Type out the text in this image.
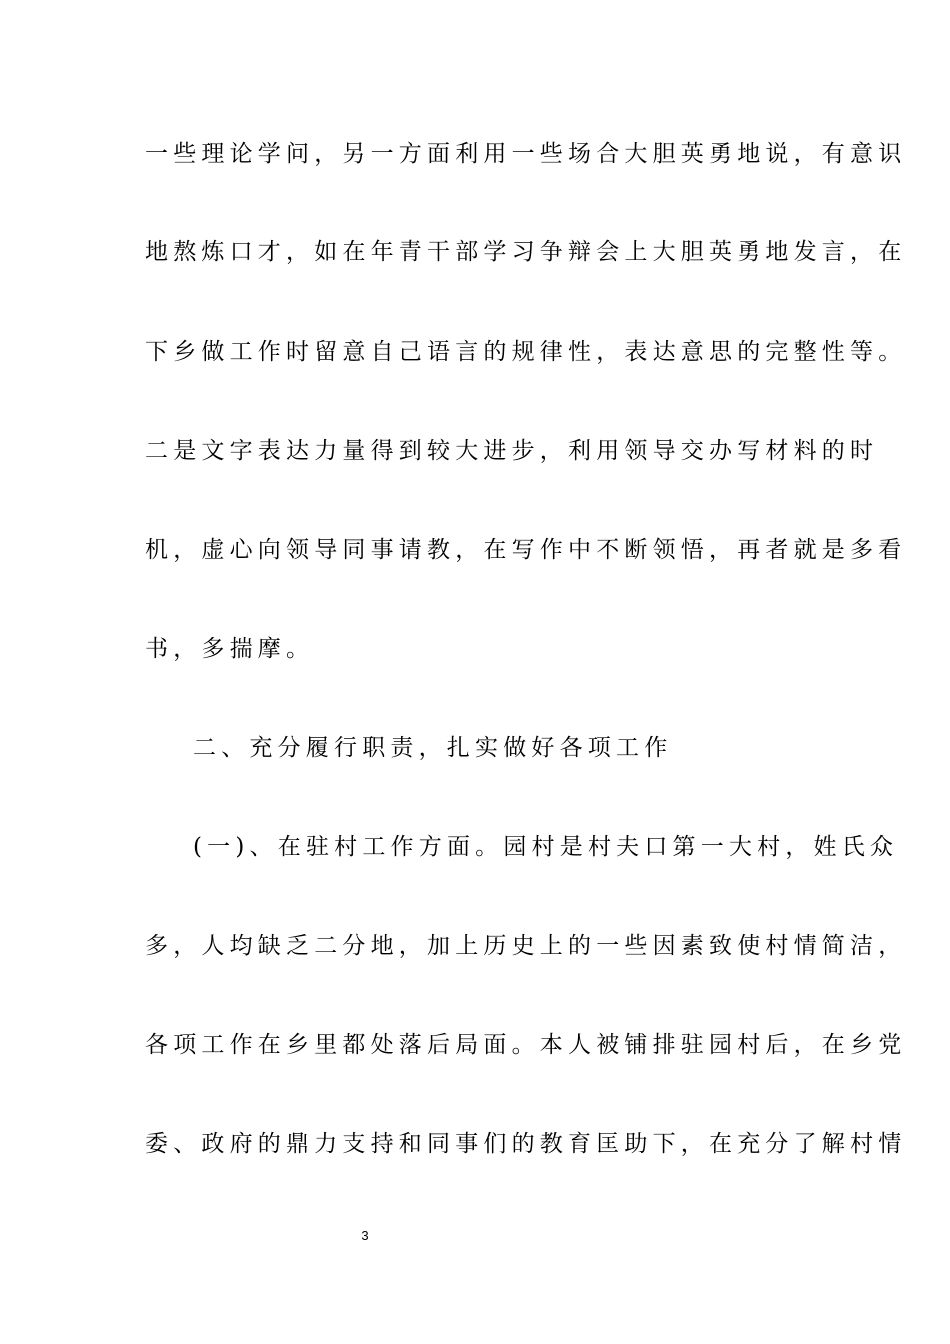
一些理论学问，另一方面利用一些场合大胆英勇地说，有意识
地熬炼口才，如在年青干部学习争辩会上大胆英勇地发言，在
下乡做工作时留意自己语言的规律性，表达意思的完整性等。
二是文字表达力量得到较大进步，利用领导交办写材料的时
机，虚心向领导同事请教，在写作中不断领悟，再者就是多看
书，多揣摩。
二、充分履行职责，扎实做好各项工作
(一)、在驻村工作方面。园村是村夫口第一大村，姓氏众
多，人均缺乏二分地，加上历史上的一些因素致使村情简洁，
各项工作在乡里都处落后局面。本人被铺排驻园村后，在乡党
委、政府的鼎力支持和同事们的教育匡助下，在充分了解村情
3
